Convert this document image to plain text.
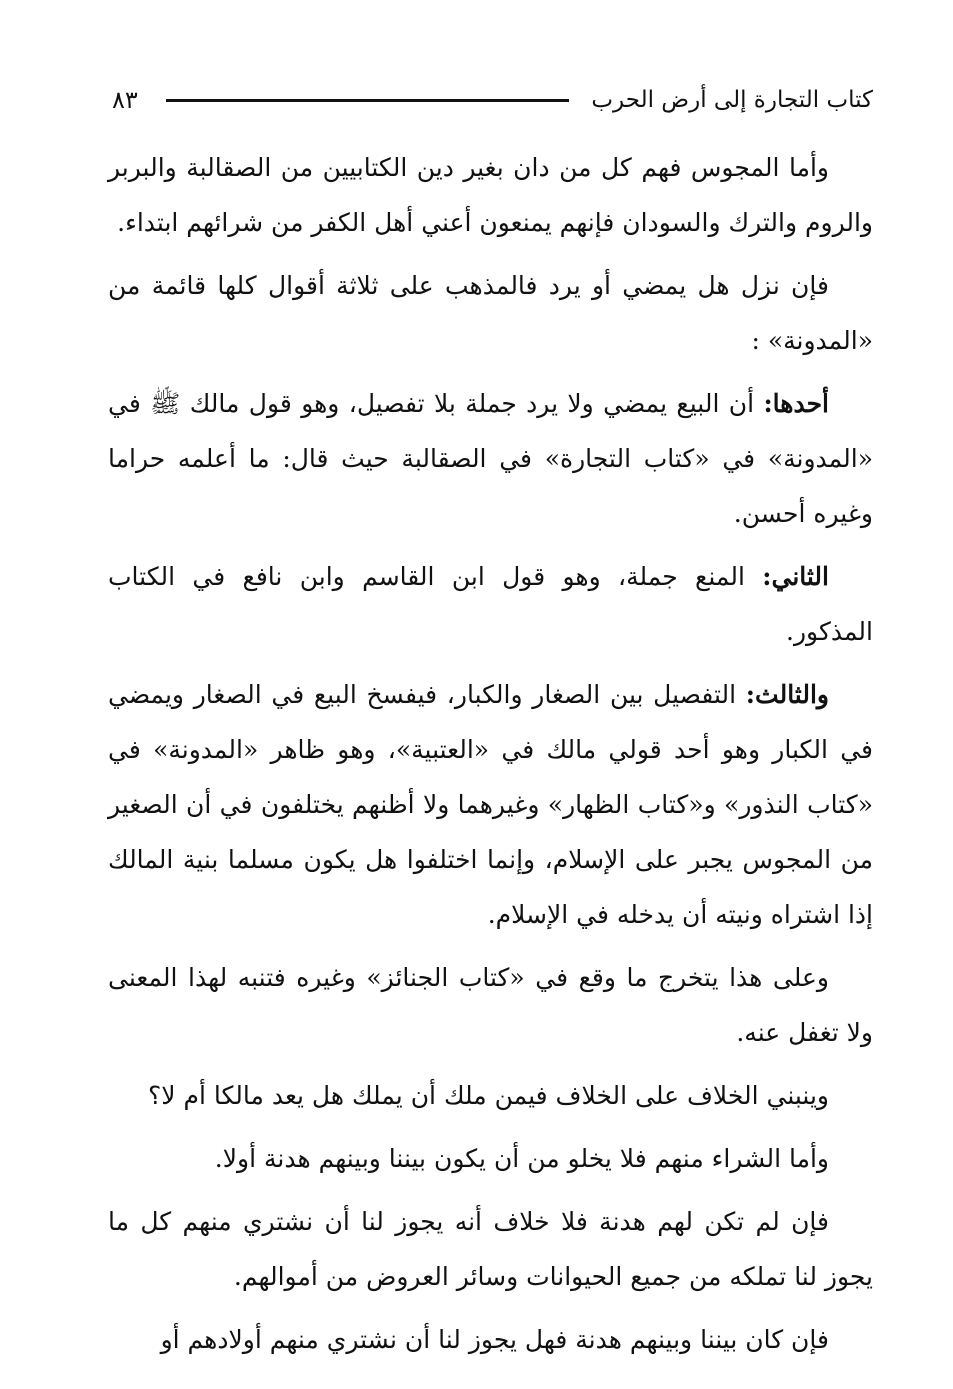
كتاب التجارة إلى أرض الحرب
٨٣

وأما المجوس فهم كل من دان بغير دين الكتابيين من الصقالبة والبربر والروم والترك والسودان فإنهم يمنعون أعني أهل الكفر من شرائهم ابتداء.

فإن نزل هل يمضي أو يرد فالمذهب على ثلاثة أقوال كلها قائمة من «المدونة» :

أحدها: أن البيع يمضي ولا يرد جملة بلا تفصيل، وهو قول مالك ﷺ في «المدونة» في «كتاب التجارة» في الصقالبة حيث قال: ما أعلمه حراما وغيره أحسن.

الثاني: المنع جملة، وهو قول ابن القاسم وابن نافع في الكتاب المذكور.

والثالث: التفصيل بين الصغار والكبار، فيفسخ البيع في الصغار ويمضي في الكبار وهو أحد قولي مالك في «العتبية»، وهو ظاهر «المدونة» في «كتاب النذور» و«كتاب الظهار» وغيرهما ولا أظنهم يختلفون في أن الصغير من المجوس يجبر على الإسلام، وإنما اختلفوا هل يكون مسلما بنية المالك إذا اشتراه ونيته أن يدخله في الإسلام.

وعلى هذا يتخرج ما وقع في «كتاب الجنائز» وغيره فتنبه لهذا المعنى ولا تغفل عنه.

وينبني الخلاف على الخلاف فيمن ملك أن يملك هل يعد مالكا أم لا؟

وأما الشراء منهم فلا يخلو من أن يكون بيننا وبينهم هدنة أولا.

فإن لم تكن لهم هدنة فلا خلاف أنه يجوز لنا أن نشتري منهم كل ما يجوز لنا تملكه من جميع الحيوانات وسائر العروض من أموالهم.

فإن كان بيننا وبينهم هدنة فهل يجوز لنا أن نشتري منهم أولادهم أو
